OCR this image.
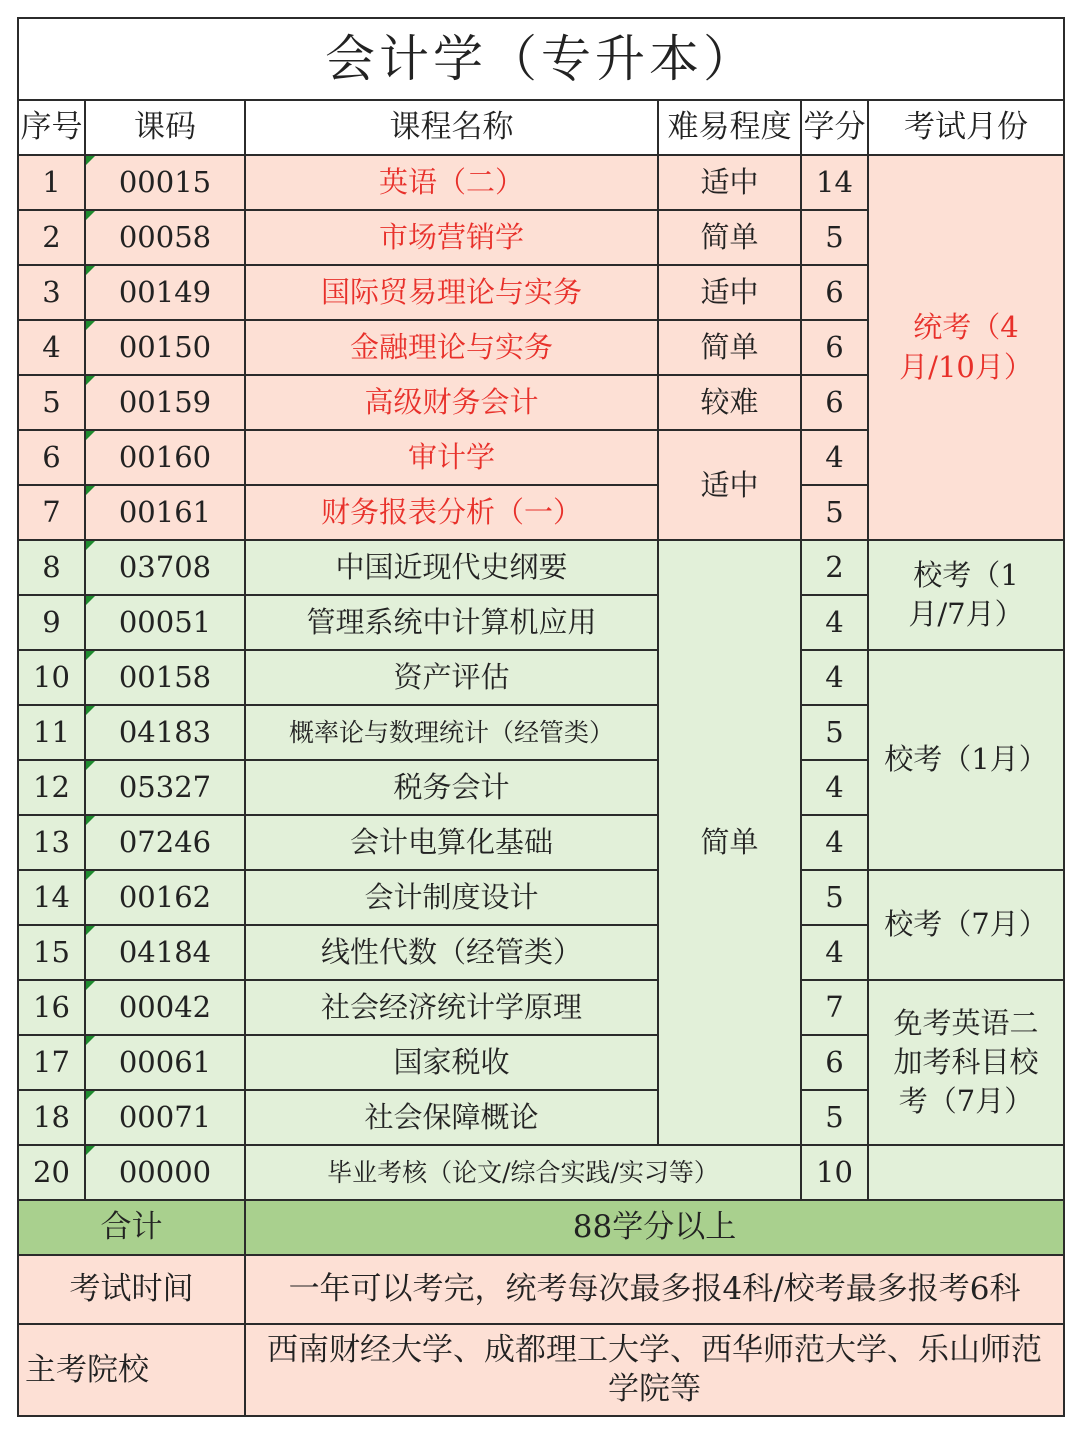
会计学（专升本）					
序号	课码	课程名称	难易程度	学分	考试月份
1	00015	英语（二）	适中	14	统考（4月/10月）

2	00058	市场营销学	简单	5	
3	00149	国际贸易理论与实务	适中	6	
4	00150	金融理论与实务	简单	6	
5	00159	高级财务会计	较难	6	
6	00160	审计学	适中	4	
7	00161	财务报表分析（一）		5	
8	03708	中国近现代史纲要	简单	2	校考（1月/7月）

9	00051	管理系统中计算机应用		4	
10	00158	资产评估		4	校考（1月）
11	04183	概率论与数理统计（经管类）		5	
12	05327	税务会计		4	
13	07246	会计电算化基础		4	
14	00162	会计制度设计		5	校考（7月）
15	04184	线性代数（经管类）		4	
16	00042	社会经济统计学原理		7	免考英语二加考科目校考（7月）

17	00061	国家税收		6	
18	00071	社会保障概论		5	
20	00000	毕业考核（论文/综合实践/实习等）		10	
合计		88学分以上			
考试时间		一年可以考完，统考每次最多报4科/校考最多报考6科			
主考院校		西南财经大学、成都理工大学、西华师范大学、乐山师范学院等			
